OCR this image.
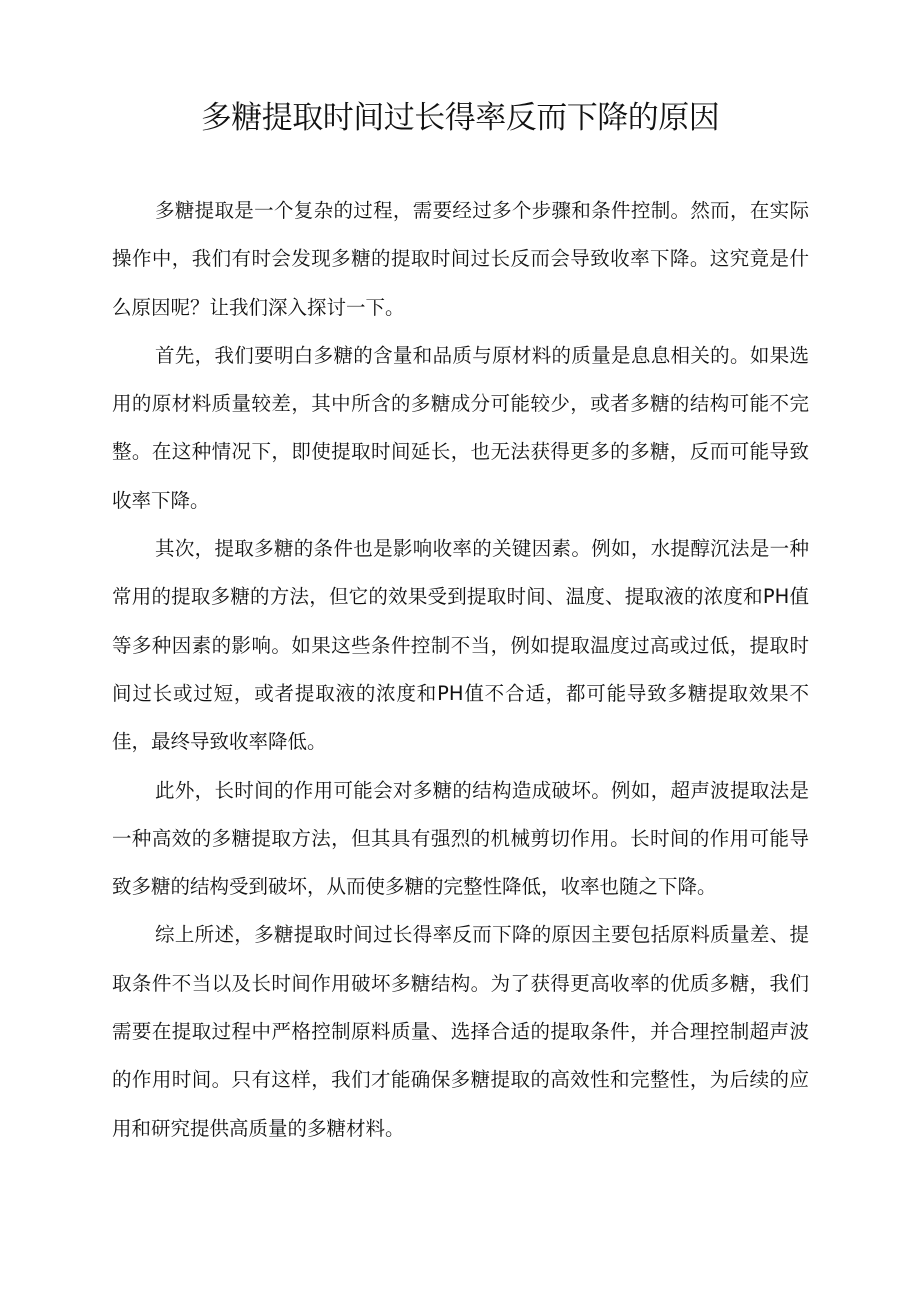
多糖提取时间过长得率反而下降的原因

多糖提取是一个复杂的过程，需要经过多个步骤和条件控制。然而，在实际操作中，我们有时会发现多糖的提取时间过长反而会导致收率下降。这究竟是什么原因呢？让我们深入探讨一下。

首先，我们要明白多糖的含量和品质与原材料的质量是息息相关的。如果选用的原材料质量较差，其中所含的多糖成分可能较少，或者多糖的结构可能不完整。在这种情况下，即使提取时间延长，也无法获得更多的多糖，反而可能导致收率下降。

其次，提取多糖的条件也是影响收率的关键因素。例如，水提醇沉法是一种常用的提取多糖的方法，但它的效果受到提取时间、温度、提取液的浓度和PH值等多种因素的影响。如果这些条件控制不当，例如提取温度过高或过低，提取时间过长或过短，或者提取液的浓度和PH值不合适，都可能导致多糖提取效果不佳，最终导致收率降低。

此外，长时间的作用可能会对多糖的结构造成破坏。例如，超声波提取法是一种高效的多糖提取方法，但其具有强烈的机械剪切作用。长时间的作用可能导致多糖的结构受到破坏，从而使多糖的完整性降低，收率也随之下降。

综上所述，多糖提取时间过长得率反而下降的原因主要包括原料质量差、提取条件不当以及长时间作用破坏多糖结构。为了获得更高收率的优质多糖，我们需要在提取过程中严格控制原料质量、选择合适的提取条件，并合理控制超声波的作用时间。只有这样，我们才能确保多糖提取的高效性和完整性，为后续的应用和研究提供高质量的多糖材料。
